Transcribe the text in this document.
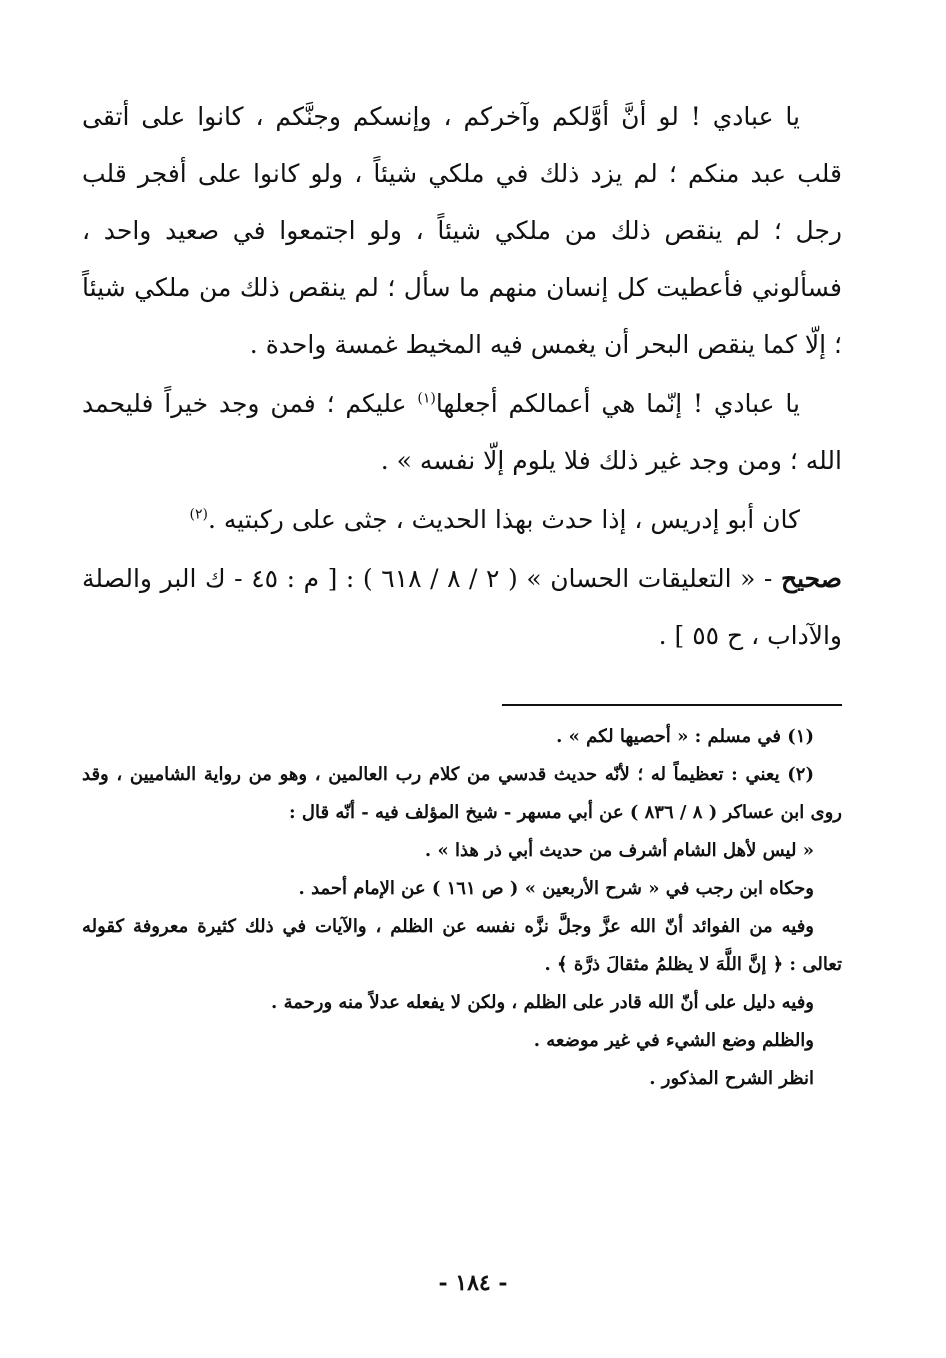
يا عبادي ! لو أنَّ أوَّلكم وآخركم ، وإنسكم وجنَّكم ، كانوا على أتقى قلب عبد منكم ؛ لم يزد ذلك في ملكي شيئاً ، ولو كانوا على أفجر قلب رجل ؛ لم ينقص ذلك من ملكي شيئاً ، ولو اجتمعوا في صعيد واحد ، فسألوني فأعطيت كل إنسان منهم ما سأل ؛ لم ينقص ذلك من ملكي شيئاً ؛ إلّا كما ينقص البحر أن يغمس فيه المخيط غمسة واحدة .

يا عبادي ! إنّما هي أعمالكم أجعلها$^{(١)}$ عليكم ؛ فمن وجد خيراً فليحمد الله ؛ ومن وجد غير ذلك فلا يلوم إلّا نفسه » .

كان أبو إدريس ، إذا حدث بهذا الحديث ، جثى على ركبتيه .$^{(٢)}$

صحيح - « التعليقات الحسان » ( ٢ / ٨ / ٦١٨ ) : [ م : ٤٥ - ك البر والصلة والآداب ، ح ٥٥ ] .

(١) في مسلم : « أحصيها لكم » .

(٢) يعني : تعظيماً له ؛ لأنّه حديث قدسي من كلام رب العالمين ، وهو من رواية الشاميين ، وقد روى ابن عساكر ( ٨ / ٨٣٦ ) عن أبي مسهر - شيخ المؤلف فيه - أنّه قال :

« ليس لأهل الشام أشرف من حديث أبي ذر هذا » .

وحكاه ابن رجب في « شرح الأربعين » ( ص ١٦١ ) عن الإمام أحمد .

وفيه من الفوائد أنّ الله عزَّ وجلَّ نزَّه نفسه عن الظلم ، والآيات في ذلك كثيرة معروفة كقوله تعالى : ﴿ إنَّ اللَّهَ لا يظلمُ مثقالَ ذرَّة ﴾ .

وفيه دليل على أنّ الله قادر على الظلم ، ولكن لا يفعله عدلاً منه ورحمة .

والظلم وضع الشيء في غير موضعه .

انظر الشرح المذكور .

- ١٨٤ -
